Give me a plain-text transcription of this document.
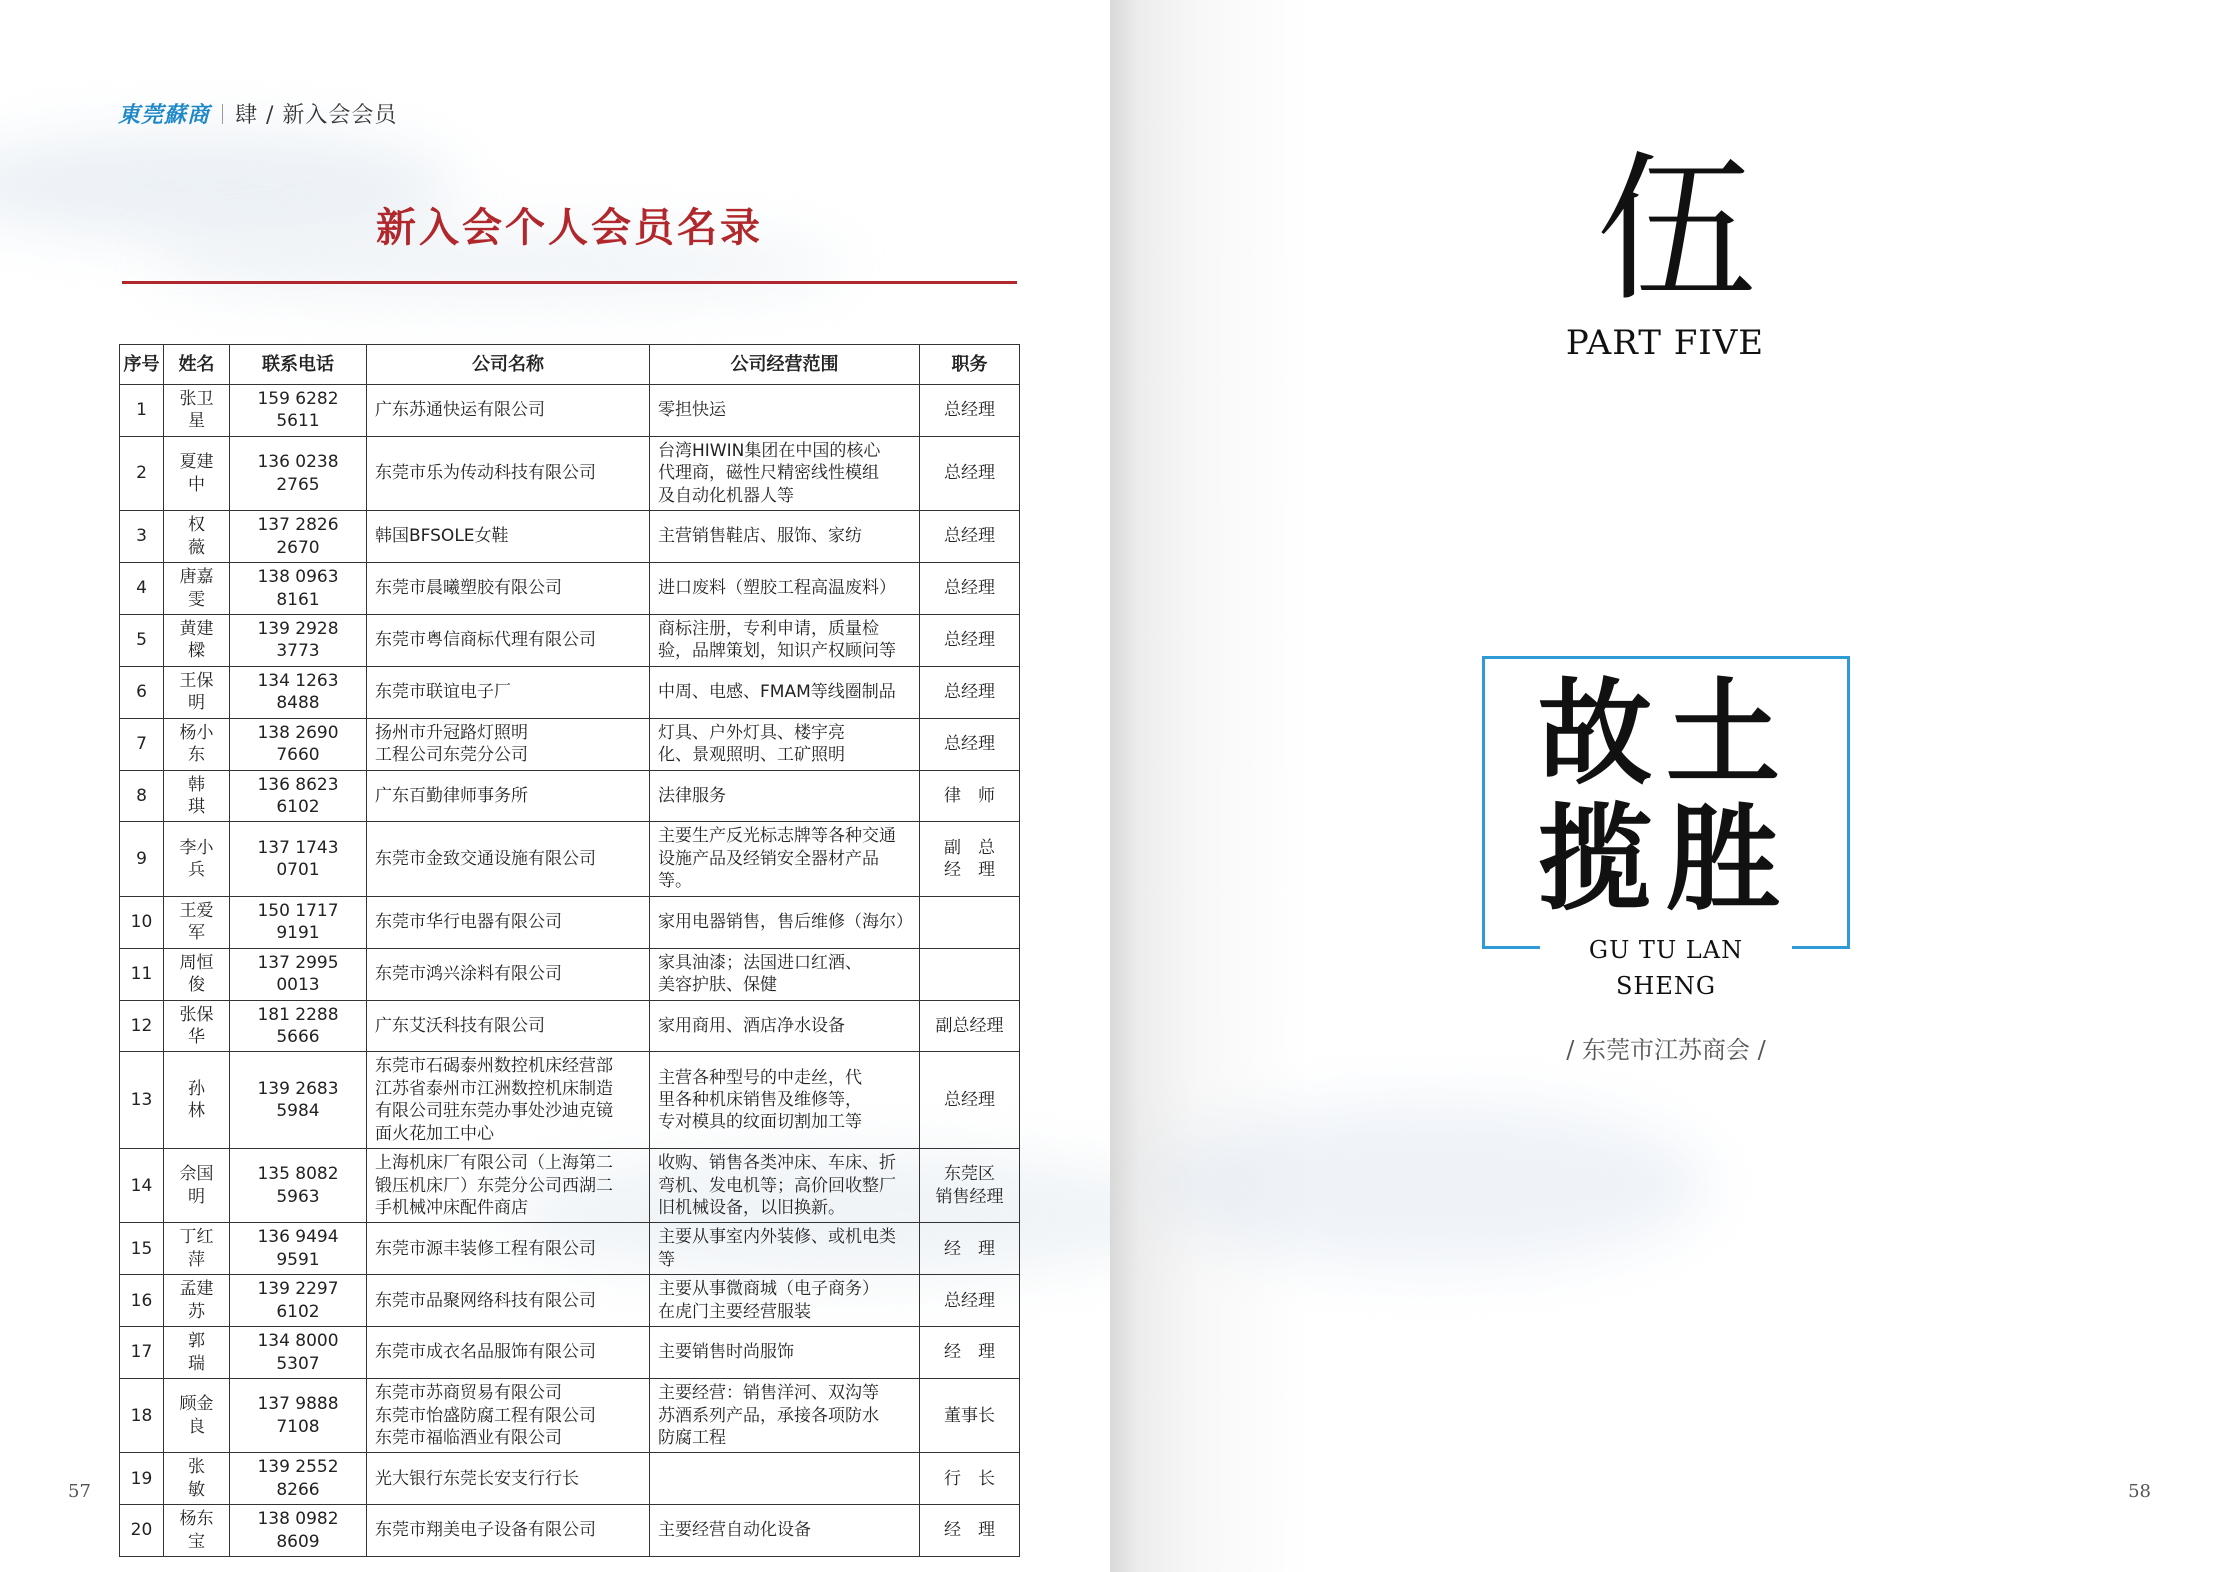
東莞蘇商 肆 / 新入会会员
新入会个人会员名录
序号	姓名	联系电话	公司名称	公司经营范围	职务

1	张卫星	159 6282 5611	广东苏通快运有限公司	零担快运	总经理

2	夏建中	136 0238 2765	东莞市乐为传动科技有限公司	台湾HIWIN集团在中国的核心
代理商，磁性尺精密线性模组
及自动化机器人等	总经理

3	权　薇	137 2826 2670	韩国BFSOLE女鞋	主营销售鞋店、服饰、家纺	总经理

4	唐嘉雯	138 0963 8161	东莞市晨曦塑胶有限公司	进口废料（塑胶工程高温废料）	总经理

5	黄建樑	139 2928 3773	东莞市粤信商标代理有限公司	商标注册，专利申请，质量检
验，品牌策划，知识产权顾问等	总经理

6	王保明	134 1263 8488	东莞市联谊电子厂	中周、电感、FMAM等线圈制品	总经理

7	杨小东	138 2690 7660	扬州市升冠路灯照明
工程公司东莞分公司	灯具、户外灯具、楼宇亮
化、景观照明、工矿照明	总经理

8	韩　琪	136 8623 6102	广东百勤律师事务所	法律服务	律　师

9	李小兵	137 1743 0701	东莞市金致交通设施有限公司	主要生产反光标志牌等各种交通
设施产品及经销安全器材产品等。	副　总
经　理

10	王爱军	150 1717 9191	东莞市华行电器有限公司	家用电器销售，售后维修（海尔）	

11	周恒俊	137 2995 0013	东莞市鸿兴涂料有限公司	家具油漆；法国进口红酒、
美容护肤、保健	

12	张保华	181 2288 5666	广东艾沃科技有限公司	家用商用、酒店净水设备	副总经理

13	孙　林	139 2683 5984	东莞市石碣泰州数控机床经营部
江苏省泰州市江洲数控机床制造
有限公司驻东莞办事处沙迪克镜
面火花加工中心	主营各种型号的中走丝，代
里各种机床销售及维修等，
专对模具的纹面切割加工等	总经理

14	佘国明	135 8082 5963	上海机床厂有限公司（上海第二
锻压机床厂）东莞分公司西湖二
手机械冲床配件商店	收购、销售各类冲床、车床、折
弯机、发电机等；高价回收整厂
旧机械设备，以旧换新。	东莞区
销售经理

15	丁红萍	136 9494 9591	东莞市源丰装修工程有限公司	主要从事室内外装修、或机电类等	经　理

16	孟建苏	139 2297 6102	东莞市品聚网络科技有限公司	主要从事微商城（电子商务）
在虎门主要经营服装	总经理

17	郭　瑞	134 8000 5307	东莞市成衣名品服饰有限公司	主要销售时尚服饰	经　理

18	顾金良	137 9888 7108	东莞市苏商贸易有限公司
东莞市怡盛防腐工程有限公司
东莞市福临酒业有限公司	主要经营：销售洋河、双沟等
苏酒系列产品，承接各项防水
防腐工程	董事长

19	张　敏	139 2552 8266	光大银行东莞长安支行行长		行　长

20	杨东宝	138 0982 8609	东莞市翔美电子设备有限公司	主要经营自动化设备	经　理
57	58
伍
PART FIVE
故土
揽胜
GU TU LAN SHENG
/ 东莞市江苏商会 /
